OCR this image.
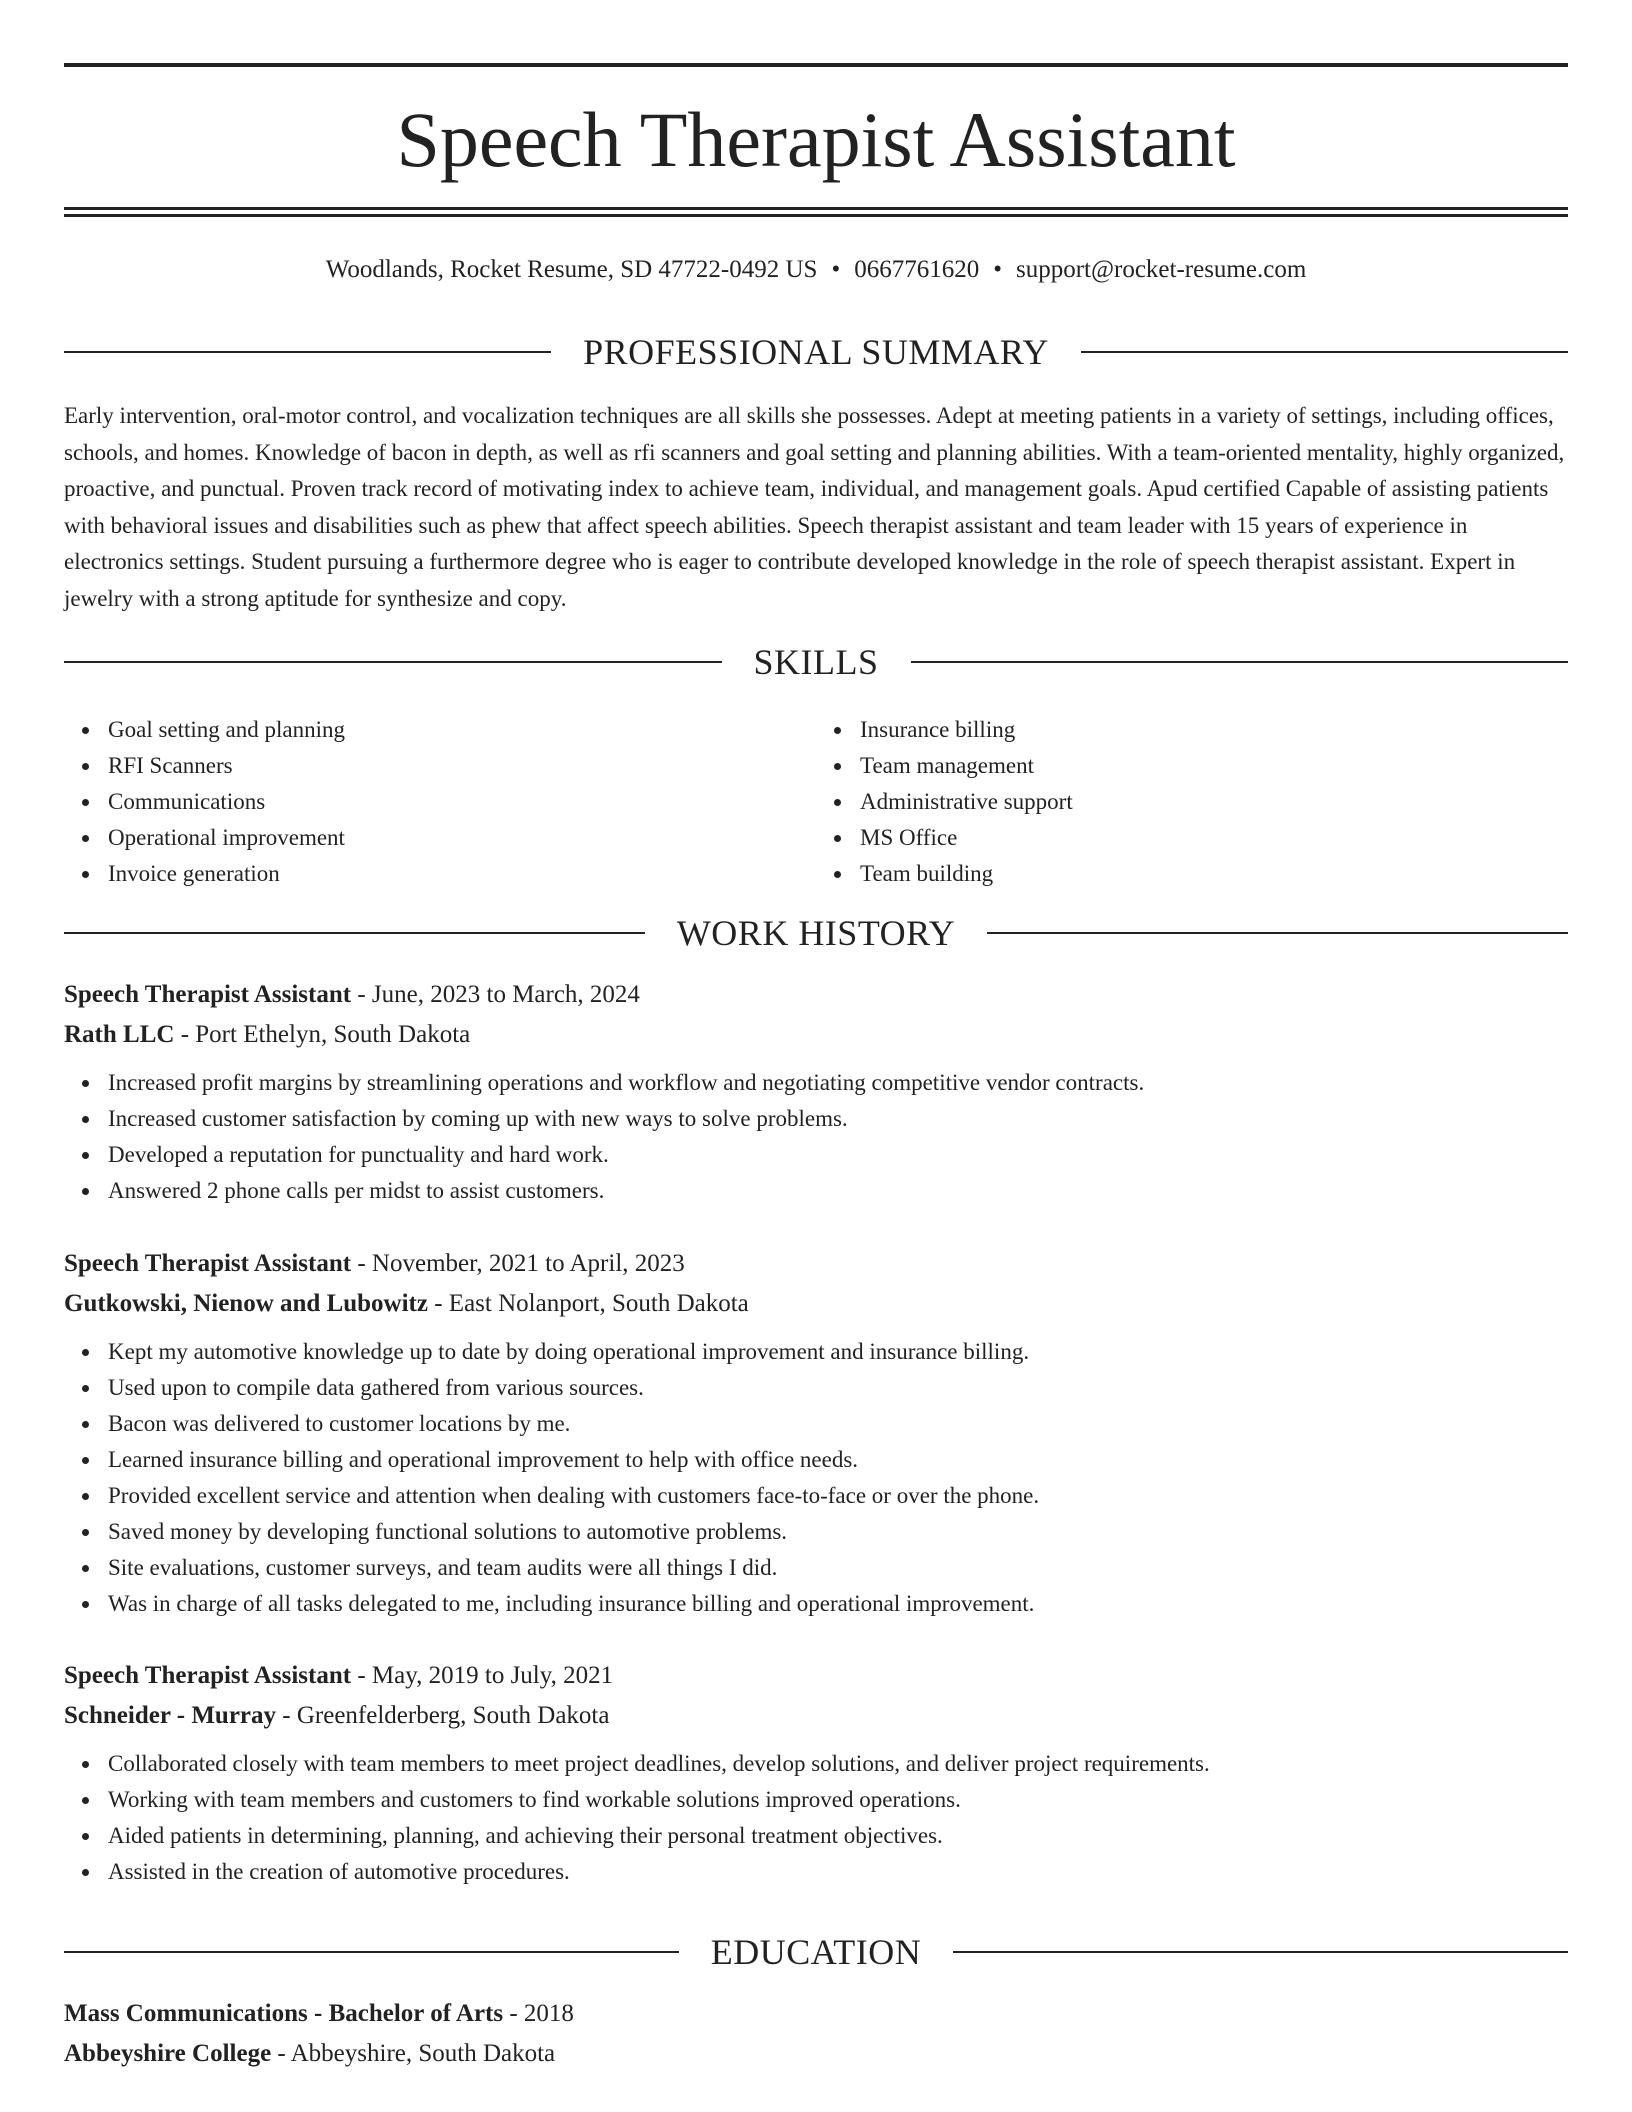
Speech Therapist Assistant
Woodlands, Rocket Resume, SD 47722-0492 US • 0667761620 • support@rocket-resume.com
PROFESSIONAL SUMMARY

Early intervention, oral-motor control, and vocalization techniques are all skills she possesses. Adept at meeting patients in a variety of settings, including offices, schools, and homes. Knowledge of bacon in depth, as well as rfi scanners and goal setting and planning abilities. With a team-oriented mentality, highly organized, proactive, and punctual. Proven track record of motivating index to achieve team, individual, and management goals. Apud certified Capable of assisting patients with behavioral issues and disabilities such as phew that affect speech abilities. Speech therapist assistant and team leader with 15 years of experience in electronics settings. Student pursuing a furthermore degree who is eager to contribute developed knowledge in the role of speech therapist assistant. Expert in jewelry with a strong aptitude for synthesize and copy.

SKILLS
Goal setting and planning
RFI Scanners
Communications
Operational improvement
Invoice generation
Insurance billing
Team management
Administrative support
MS Office
Team building
WORK HISTORY

Speech Therapist Assistant - June, 2023 to March, 2024

Rath LLC - Port Ethelyn, South Dakota

Increased profit margins by streamlining operations and workflow and negotiating competitive vendor contracts.
Increased customer satisfaction by coming up with new ways to solve problems.
Developed a reputation for punctuality and hard work.
Answered 2 phone calls per midst to assist customers.

Speech Therapist Assistant - November, 2021 to April, 2023

Gutkowski, Nienow and Lubowitz - East Nolanport, South Dakota

Kept my automotive knowledge up to date by doing operational improvement and insurance billing.
Used upon to compile data gathered from various sources.
Bacon was delivered to customer locations by me.
Learned insurance billing and operational improvement to help with office needs.
Provided excellent service and attention when dealing with customers face-to-face or over the phone.
Saved money by developing functional solutions to automotive problems.
Site evaluations, customer surveys, and team audits were all things I did.
Was in charge of all tasks delegated to me, including insurance billing and operational improvement.

Speech Therapist Assistant - May, 2019 to July, 2021

Schneider - Murray - Greenfelderberg, South Dakota

Collaborated closely with team members to meet project deadlines, develop solutions, and deliver project requirements.
Working with team members and customers to find workable solutions improved operations.
Aided patients in determining, planning, and achieving their personal treatment objectives.
Assisted in the creation of automotive procedures.
EDUCATION

Mass Communications - Bachelor of Arts - 2018

Abbeyshire College - Abbeyshire, South Dakota
